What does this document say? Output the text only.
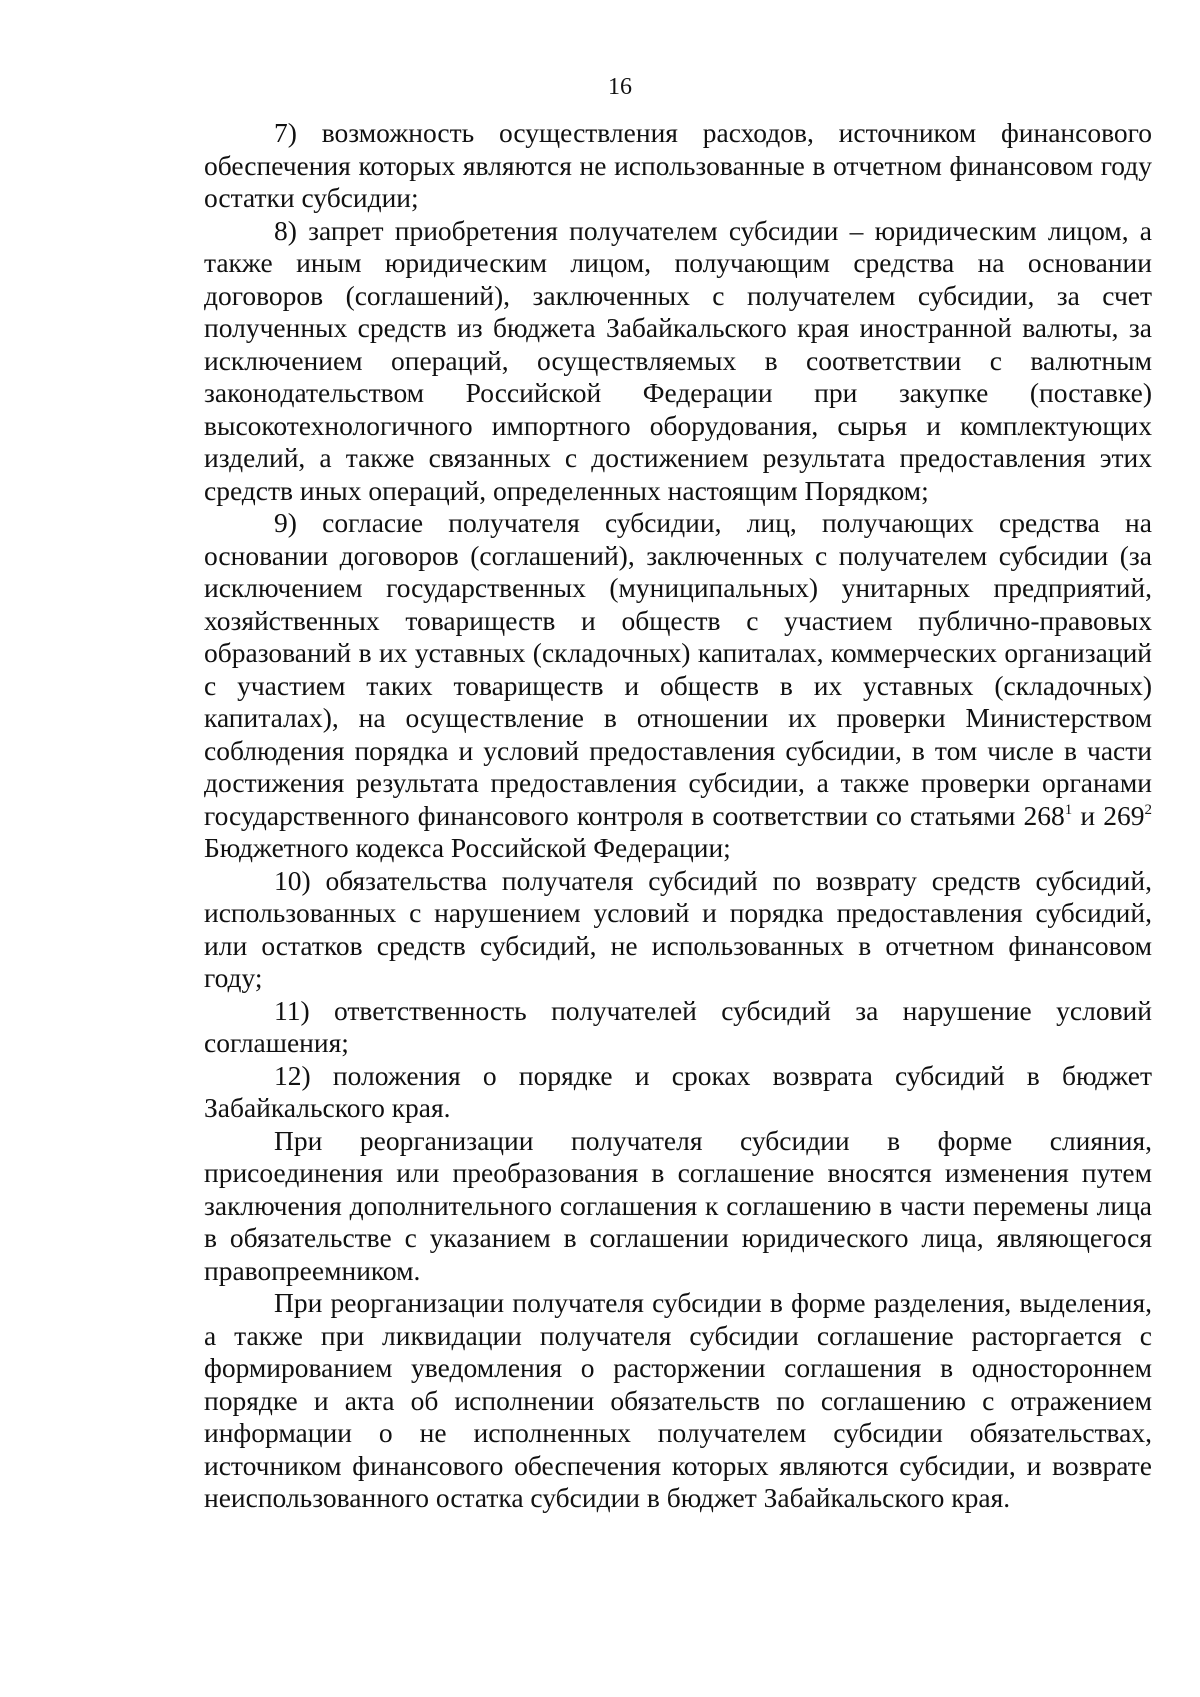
16

7) возможность осуществления расходов, источником финансового обеспечения которых являются не использованные в отчетном финансовом году остатки субсидии;

8) запрет приобретения получателем субсидии – юридическим лицом, а также иным юридическим лицом, получающим средства на основании договоров (соглашений), заключенных с получателем субсидии, за счет полученных средств из бюджета Забайкальского края иностранной валюты, за исключением операций, осуществляемых в соответствии с валютным законодательством Российской Федерации при закупке (поставке) высокотехнологичного импортного оборудования, сырья и комплектующих изделий, а также связанных с достижением результата предоставления этих средств иных операций, определенных настоящим Порядком;

9) согласие получателя субсидии, лиц, получающих средства на основании договоров (соглашений), заключенных с получателем субсидии (за исключением государственных (муниципальных) унитарных предприятий, хозяйственных товариществ и обществ с участием публично-правовых образований в их уставных (складочных) капиталах, коммерческих организаций с участием таких товариществ и обществ в их уставных (складочных) капиталах), на осуществление в отношении их проверки Министерством соблюдения порядка и условий предоставления субсидии, в том числе в части достижения результата предоставления субсидии, а также проверки органами государственного финансового контроля в соответствии со статьями $268^1$ и $269^2$ Бюджетного кодекса Российской Федерации;

10) обязательства получателя субсидий по возврату средств субсидий, использованных с нарушением условий и порядка предоставления субсидий, или остатков средств субсидий, не использованных в отчетном финансовом году;

11) ответственность получателей субсидий за нарушение условий соглашения;

12) положения о порядке и сроках возврата субсидий в бюджет Забайкальского края.

При реорганизации получателя субсидии в форме слияния, присоединения или преобразования в соглашение вносятся изменения путем заключения дополнительного соглашения к соглашению в части перемены лица в обязательстве с указанием в соглашении юридического лица, являющегося правопреемником.

При реорганизации получателя субсидии в форме разделения, выделения, а также при ликвидации получателя субсидии соглашение расторгается с формированием уведомления о расторжении соглашения в одностороннем порядке и акта об исполнении обязательств по соглашению с отражением информации о не исполненных получателем субсидии обязательствах, источником финансового обеспечения которых являются субсидии, и возврате неиспользованного остатка субсидии в бюджет Забайкальского края.
